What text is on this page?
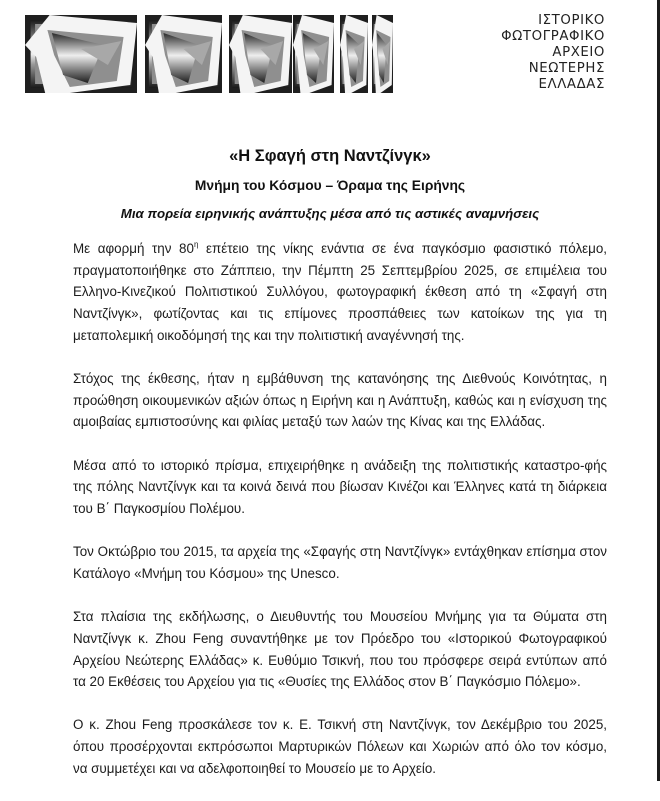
ΙΣΤΟΡΙΚΟ
ΦΩΤΟΓΡΑΦΙΚΟ
ΑΡΧΕΙΟ
ΝΕΩΤΕΡΗΣ
ΕΛΛΑΔΑΣ
«Η Σφαγή στη Ναντζίνγκ»
Μνήμη του Κόσμου – Όραμα της Ειρήνης
Μια πορεία ειρηνικής ανάπτυξης μέσα από τις αστικές αναμνήσεις

Με αφορμή την $80^\eta$ επέτειο της νίκης ενάντια σε ένα παγκόσμιο φασιστικό πόλεμο, πραγματοποιήθηκε στο Ζάππειο, την Πέμπτη 25 Σεπτεμβρίου 2025, σε επιμέλεια του Ελληνο-Κινεζικού Πολιτιστικού Συλλόγου, φωτογραφική έκθεση από τη «Σφαγή στη Ναντζίνγκ», φωτίζοντας και τις επίμονες προσπάθειες των κατοίκων της για τη μεταπολεμική οικοδόμησή της και την πολιτιστική αναγέννησή της.

Στόχος της έκθεσης, ήταν η εμβάθυνση της κατανόησης της Διεθνούς Κοινότητας, η προώθηση οικουμενικών αξιών όπως η Ειρήνη και η Ανάπτυξη, καθώς και η ενίσχυση της αμοιβαίας εμπιστοσύνης και φιλίας μεταξύ των λαών της Κίνας και της Ελλάδας.

Μέσα από το ιστορικό πρίσμα, επιχειρήθηκε η ανάδειξη της πολιτιστικής καταστρο-φής της πόλης Ναντζίνγκ και τα κοινά δεινά που βίωσαν Κινέζοι και Έλληνες κατά τη διάρκεια του Β΄ Παγκοσμίου Πολέμου.

Τον Οκτώβριο του 2015, τα αρχεία της «Σφαγής στη Ναντζίνγκ» εντάχθηκαν επίσημα στον Κατάλογο «Μνήμη του Κόσμου» της Unesco.

Στα πλαίσια της εκδήλωσης, ο Διευθυντής του Μουσείου Μνήμης για τα Θύματα στη Ναντζίνγκ κ. Zhou Feng συναντήθηκε με τον Πρόεδρο του «Ιστορικού Φωτογραφικού Αρχείου Νεώτερης Ελλάδας» κ. Ευθύμιο Τσικνή, που του πρόσφερε σειρά εντύπων από τα 20 Εκθέσεις του Αρχείου για τις «Θυσίες της Ελλάδος στον Β΄ Παγκόσμιο Πόλεμο».

Ο κ. Zhou Feng προσκάλεσε τον κ. Ε. Τσικνή στη Ναντζίνγκ, τον Δεκέμβριο του 2025, όπου προσέρχονται εκπρόσωποι Μαρτυρικών Πόλεων και Χωριών από όλο τον κόσμο, να συμμετέχει και να αδελφοποιηθεί το Μουσείο με το Αρχείο.
